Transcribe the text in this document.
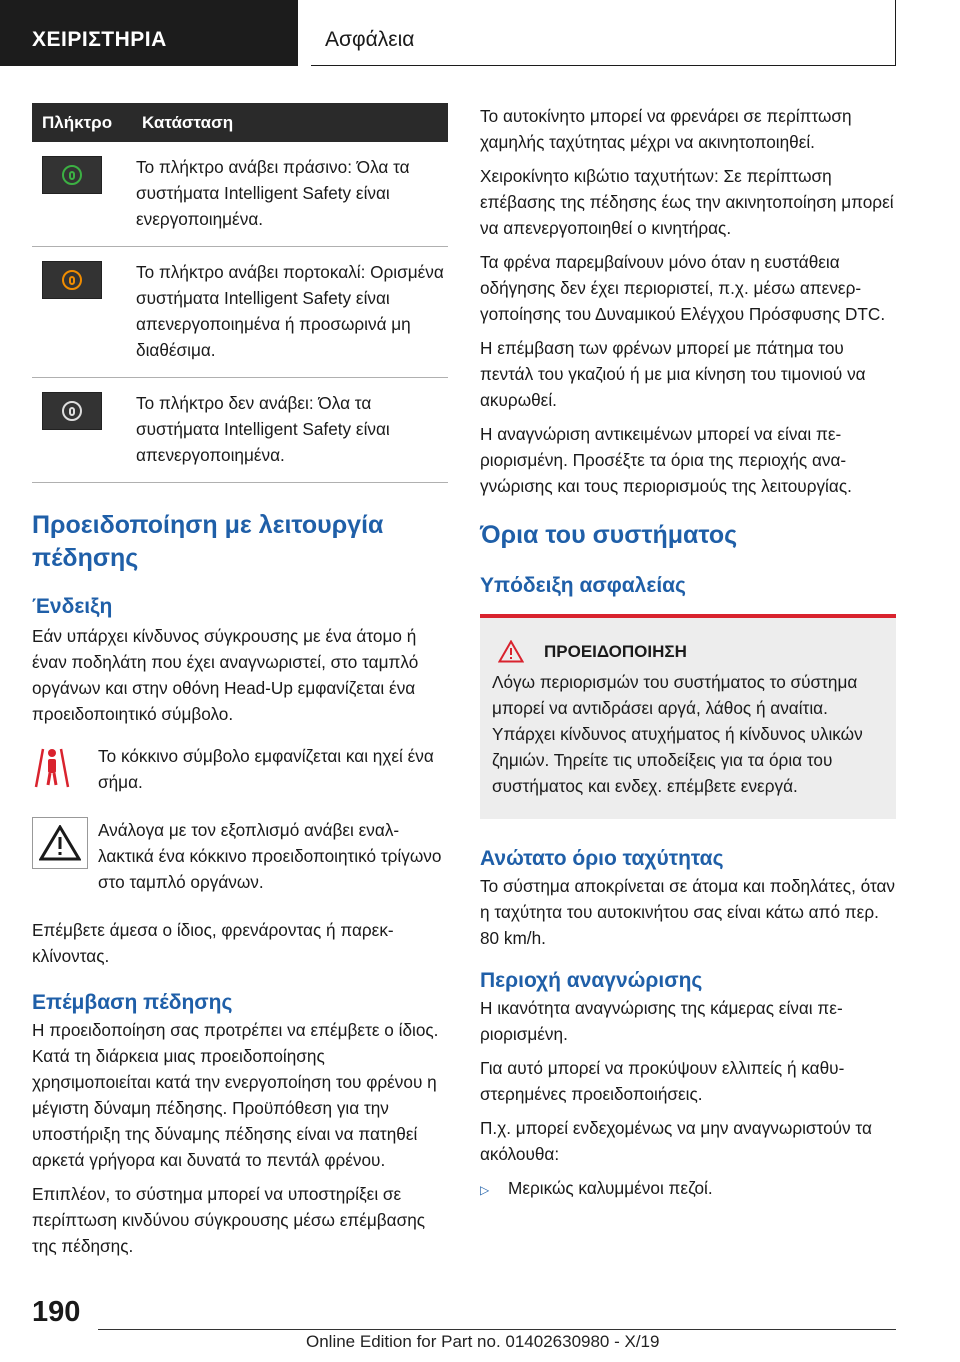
ΧΕΙΡΙΣΤΗΡΙΑ	Ασφάλεια
Πλήκτρο	Κατάσταση

	Το πλήκτρο ανάβει πράσινο: Όλα τα συστήματα Intelligent Safety είναι ενεργοποιημένα.

	Το πλήκτρο ανάβει πορτοκαλί: Ορισμένα συστήματα Intelligent Safety είναι απενεργοποιημένα ή προσωρινά μη διαθέσιμα.

	Το πλήκτρο δεν ανάβει: Όλα τα συστήματα Intelligent Safety είναι απενεργοποιημένα.
Προειδοποίηση με λειτουργία πέδησης
Ένδειξη

Εάν υπάρχει κίνδυνος σύγκρουσης με ένα άτομο ή έναν ποδηλάτη που έχει αναγνωριστεί, στο ταμπλό οργάνων και στην οθόνη Head-Up εμφανίζεται ένα προειδοποιητικό σύμβολο.

Το κόκκινο σύμβολο εμφανίζεται και ηχεί ένα σήμα.

Ανάλογα με τον εξοπλισμό ανάβει εναλλακτικά ένα κόκκινο προειδοποιητικό τρίγωνο στο ταμπλό οργάνων.

Επέμβετε άμεσα ο ίδιος, φρενάροντας ή παρεκκλίνοντας.

Επέμβαση πέδησης

Η προειδοποίηση σας προτρέπει να επέμβετε ο ίδιος. Κατά τη διάρκεια μιας προειδοποίησης χρησιμοποιείται κατά την ενεργοποίηση του φρένου η μέγιστη δύναμη πέδησης. Προϋπόθεση για την υποστήριξη της δύναμης πέδησης είναι να πατηθεί αρκετά γρήγορα και δυνατά το πεντάλ φρένου.

Επιπλέον, το σύστημα μπορεί να υποστηρίξει σε περίπτωση κινδύνου σύγκρουσης μέσω επέμβασης της πέδησης.

Το αυτοκίνητο μπορεί να φρενάρει σε περίπτωση χαμηλής ταχύτητας μέχρι να ακινητοποιηθεί.

Χειροκίνητο κιβώτιο ταχυτήτων: Σε περίπτωση επέβασης της πέδησης έως την ακινητοποίηση μπορεί να απενεργοποιηθεί ο κινητήρας.

Τα φρένα παρεμβαίνουν μόνο όταν η ευστάθεια οδήγησης δεν έχει περιοριστεί, π.χ. μέσω απενεργοποίησης του Δυναμικού Ελέγχου Πρόσφυσης DTC.

Η επέμβαση των φρένων μπορεί με πάτημα του πεντάλ του γκαζιού ή με μια κίνηση του τιμονιού να ακυρωθεί.

Η αναγνώριση αντικειμένων μπορεί να είναι περιορισμένη. Προσέξτε τα όρια της περιοχής αναγνώρισης και τους περιορισμούς της λειτουργίας.

Όρια του συστήματος
Υπόδειξη ασφαλείας
ΠΡΟΕΙΔΟΠΟΙΗΣΗ

Λόγω περιορισμών του συστήματος το σύστημα μπορεί να αντιδράσει αργά, λάθος ή αναίτια. Υπάρχει κίνδυνος ατυχήματος ή κίνδυνος υλικών ζημιών. Τηρείτε τις υποδείξεις για τα όρια του συστήματος και ενδεχ. επέμβετε ενεργά.

Ανώτατο όριο ταχύτητας

Το σύστημα αποκρίνεται σε άτομα και ποδηλάτες, όταν η ταχύτητα του αυτοκινήτου σας είναι κάτω από περ. 80 km/h.

Περιοχή αναγνώρισης

Η ικανότητα αναγνώρισης της κάμερας είναι περιορισμένη.

Για αυτό μπορεί να προκύψουν ελλιπείς ή καθυστερημένες προειδοποιήσεις.

Π.χ. μπορεί ενδεχομένως να μην αναγνωριστούν τα ακόλουθα:

▷	Μερικώς καλυμμένοι πεζοί.
190
Online Edition for Part no. 01402630980 - X/19
